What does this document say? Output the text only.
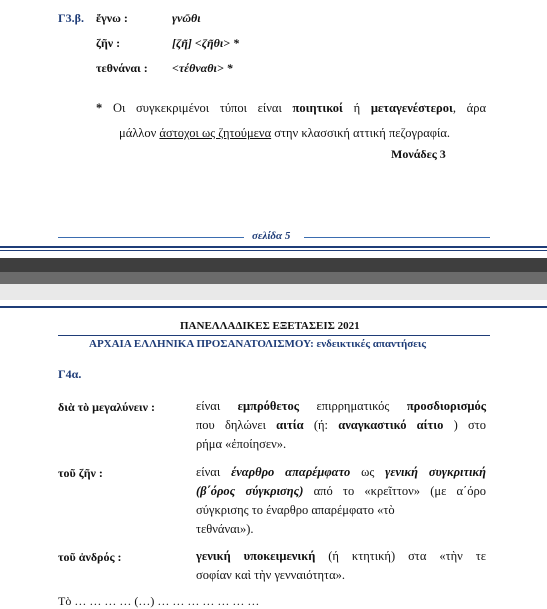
Γ3.β. ἔγνω :	γνῶθι
ζῆν :	[ζῆ] <ζῆθι> *
τεθνάναι : <τέθναθι> *
* Οι συγκεκριμένοι τύποι είναι ποιητικοί ή μεταγενέστεροι, άρα
μάλλον άστοχοι ως ζητούμενα στην κλασσική αττική πεζογραφία.
Μονάδες 3
σελίδα 5
ΠΑΝΕΛΛΑΔΙΚΕΣ ΕΞΕΤΑΣΕΙΣ 2021
ΑΡΧΑΙΑ ΕΛΛΗΝΙΚΑ ΠΡΟΣΑΝΑΤΟΛΙΣΜΟΥ: ενδεικτικές απαντήσεις
Γ4α.
διὰ τὸ μεγαλύνειν :	είναι εμπρόθετος επιρρηματικός προσδιορισμός
που δηλώνει αιτία (ή: αναγκαστικό αίτιο ) στο
ρήμα «ἐποίησεν».
τοῦ ζῆν :	είναι έναρθρο απαρέμφατο ως γενική συγκριτική
(β΄όρος σύγκρισης) από το «κρεῖττον» (με α΄όρο
σύγκρισης το έναρθρο απαρέμφατο «τὸ
τεθνάναι»).
τοῦ ἀνδρός :	γενική υποκειμενική (ή κτητική) στα «τὴν τε
σοφίαν καὶ τὴν γενναιότητα».
Τὸ … … … … (…) … … … … … … …
